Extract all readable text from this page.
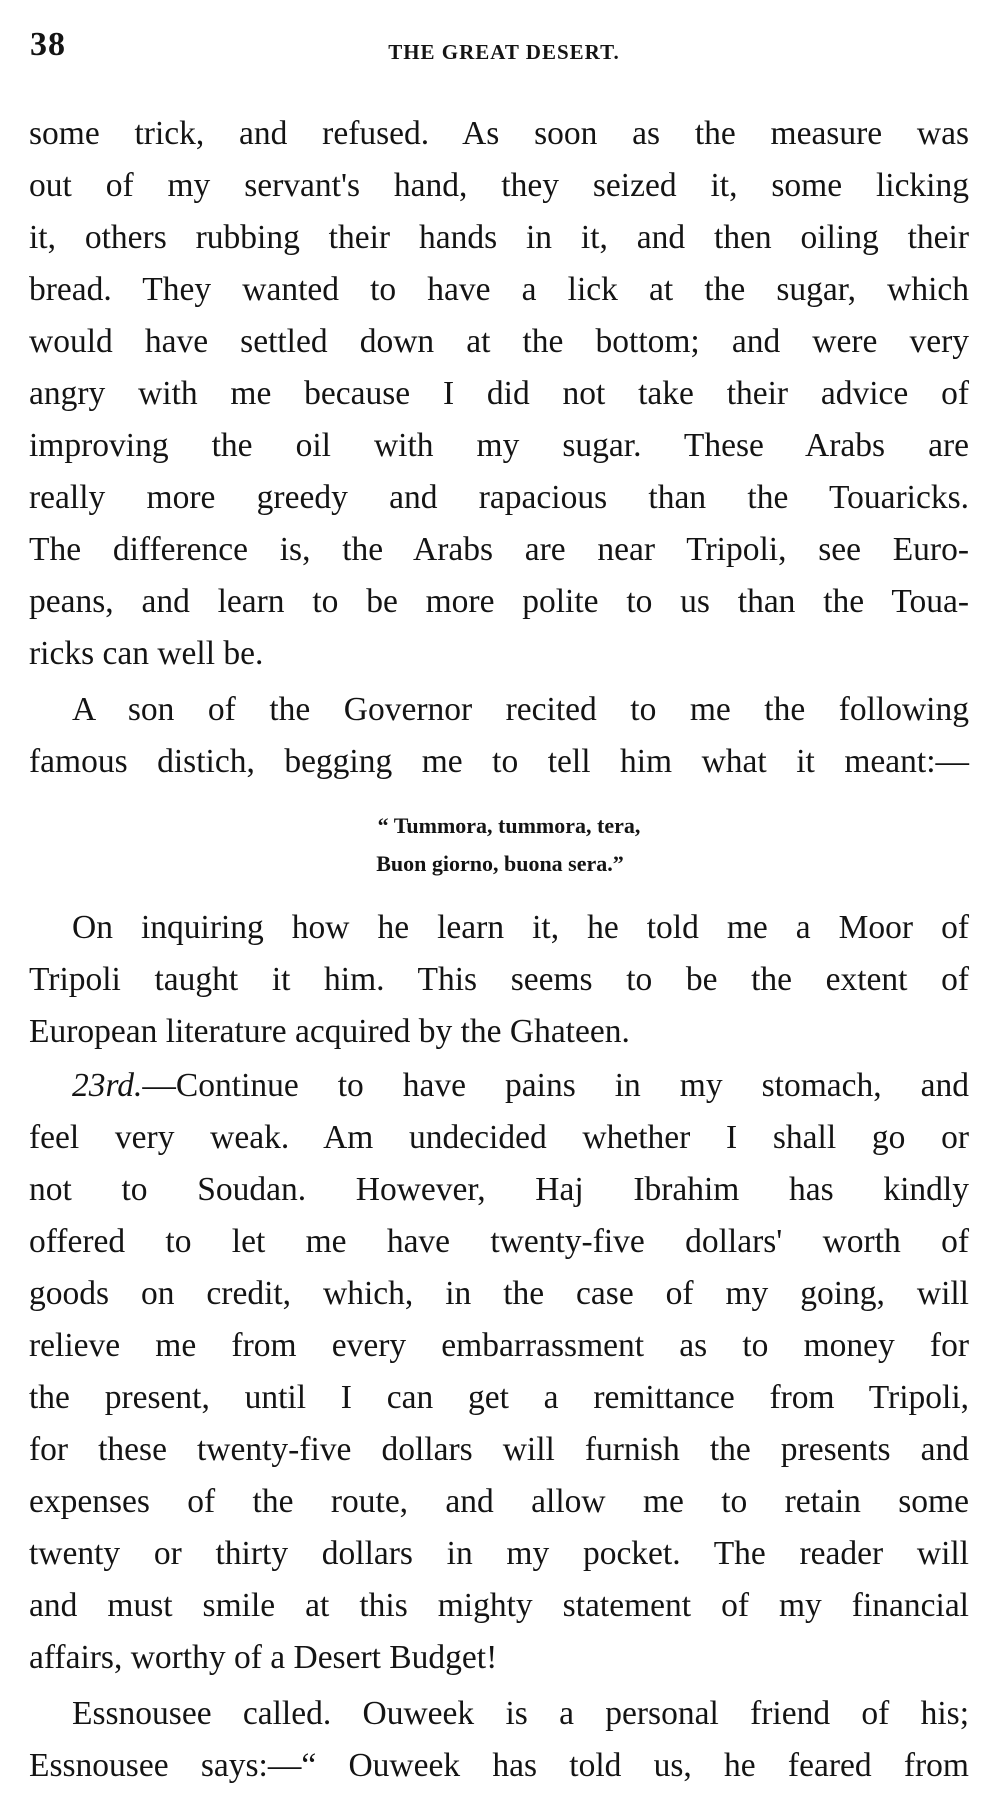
38	THE GREAT DESERT.
some trick, and refused. As soon as the measure was
out of my servant's hand, they seized it, some licking
it, others rubbing their hands in it, and then oiling their
bread. They wanted to have a lick at the sugar, which
would have settled down at the bottom; and were very
angry with me because I did not take their advice of
improving the oil with my sugar. These Arabs are
really more greedy and rapacious than the Touaricks.
The difference is, the Arabs are near Tripoli, see Euro-
peans, and learn to be more polite to us than the Toua-
ricks can well be.
A son of the Governor recited to me the following
famous distich, begging me to tell him what it meant:—
“ Tummora, tummora, tera,
Buon giorno, buona sera.”
On inquiring how he learn it, he told me a Moor of
Tripoli taught it him. This seems to be the extent of
European literature acquired by the Ghateen.
23rd.—Continue to have pains in my stomach, and
feel very weak. Am undecided whether I shall go or
not to Soudan. However, Haj Ibrahim has kindly
offered to let me have twenty-five dollars' worth of
goods on credit, which, in the case of my going, will
relieve me from every embarrassment as to money for
the present, until I can get a remittance from Tripoli,
for these twenty-five dollars will furnish the presents and
expenses of the route, and allow me to retain some
twenty or thirty dollars in my pocket. The reader will
and must smile at this mighty statement of my financial
affairs, worthy of a Desert Budget!
Essnousee called. Ouweek is a personal friend of his;
Essnousee says:—“ Ouweek has told us, he feared from
